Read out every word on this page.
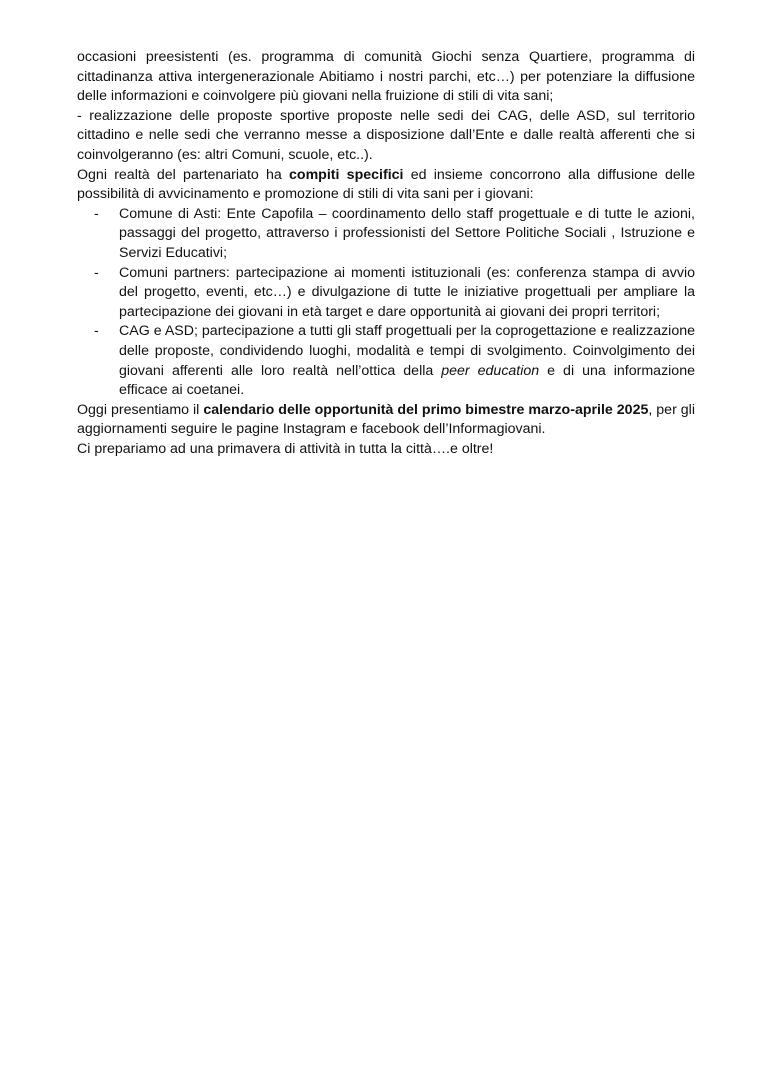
occasioni preesistenti (es. programma di comunità Giochi senza Quartiere, programma di cittadinanza attiva intergenerazionale Abitiamo i nostri parchi, etc…) per potenziare la diffusione delle informazioni e coinvolgere più giovani nella fruizione di stili di vita sani;

- realizzazione delle proposte sportive proposte nelle sedi dei CAG, delle ASD, sul territorio cittadino e nelle sedi che verranno messe a disposizione dall’Ente e dalle realtà afferenti che si coinvolgeranno (es: altri Comuni, scuole, etc..).

Ogni realtà del partenariato ha compiti specifici ed insieme concorrono alla diffusione delle possibilità di avvicinamento e promozione di stili di vita sani per i giovani:

- Comune di Asti: Ente Capofila – coordinamento dello staff progettuale e di tutte le azioni, passaggi del progetto, attraverso i professionisti del Settore Politiche Sociali , Istruzione e Servizi Educativi;
- Comuni partners: partecipazione ai momenti istituzionali (es: conferenza stampa di avvio del progetto, eventi, etc…) e divulgazione di tutte le iniziative progettuali per ampliare la partecipazione dei giovani in età target e dare opportunità ai giovani dei propri territori;
- CAG e ASD; partecipazione a tutti gli staff progettuali per la coprogettazione e realizzazione delle proposte, condividendo luoghi, modalità e tempi di svolgimento. Coinvolgimento dei giovani afferenti alle loro realtà nell’ottica della peer education e di una informazione efficace ai coetanei.

Oggi presentiamo il calendario delle opportunità del primo bimestre marzo-aprile 2025, per gli aggiornamenti seguire le pagine Instagram e facebook dell’Informagiovani.

Ci prepariamo ad una primavera di attività in tutta la città….e oltre!
